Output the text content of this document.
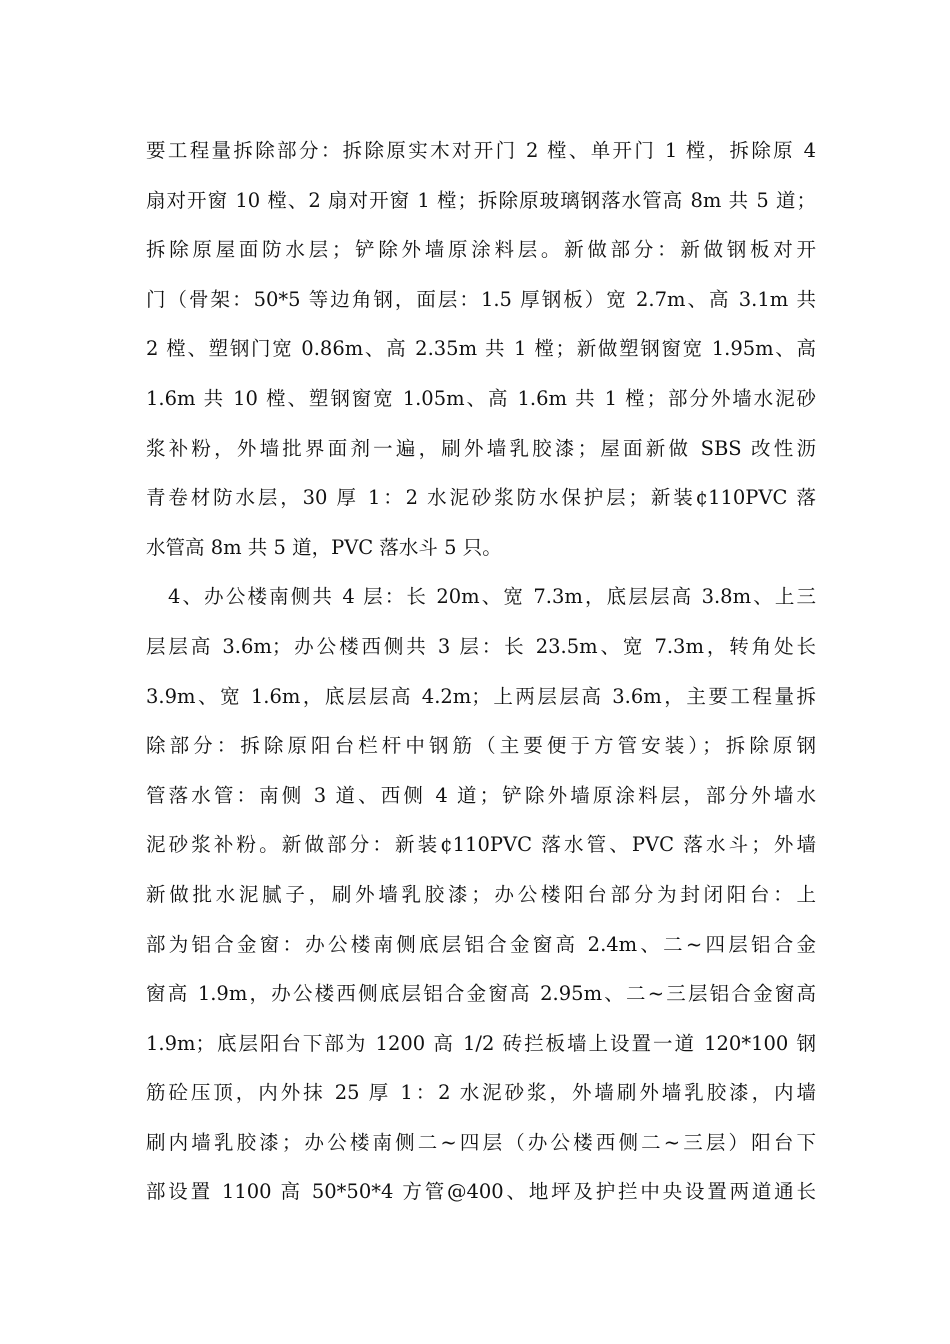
要工程量拆除部分：拆除原实木对开门 2 樘、单开门 1 樘，拆除原 4
扇对开窗 10 樘、2 扇对开窗 1 樘；拆除原玻璃钢落水管高 8m 共 5 道；
拆除原屋面防水层；铲除外墙原涂料层。新做部分：新做钢板对开
门（骨架：50*5 等边角钢，面层：1.5 厚钢板）宽 2.7m、高 3.1m 共
2 樘、塑钢门宽 0.86m、高 2.35m 共 1 樘；新做塑钢窗宽 1.95m、高
1.6m 共 10 樘、塑钢窗宽 1.05m、高 1.6m 共 1 樘；部分外墙水泥砂
浆补粉，外墙批界面剂一遍，刷外墙乳胶漆；屋面新做 SBS 改性沥
青卷材防水层，30 厚 1：2 水泥砂浆防水保护层；新装¢110PVC 落
水管高 8m 共 5 道，PVC 落水斗 5 只。
4、办公楼南侧共 4 层：长 20m、宽 7.3m，底层层高 3.8m、上三
层层高 3.6m；办公楼西侧共 3 层：长 23.5m、宽 7.3m，转角处长
3.9m、宽 1.6m，底层层高 4.2m；上两层层高 3.6m，主要工程量拆
除部分：拆除原阳台栏杆中钢筋（主要便于方管安装）；拆除原钢
管落水管：南侧 3 道、西侧 4 道；铲除外墙原涂料层，部分外墙水
泥砂浆补粉。新做部分：新装¢110PVC 落水管、PVC 落水斗；外墙
新做批水泥腻子，刷外墙乳胶漆；办公楼阳台部分为封闭阳台：上
部为铝合金窗：办公楼南侧底层铝合金窗高 2.4m、二~四层铝合金
窗高 1.9m，办公楼西侧底层铝合金窗高 2.95m、二~三层铝合金窗高
1.9m；底层阳台下部为 1200 高 1/2 砖拦板墙上设置一道 120*100 钢
筋砼压顶，内外抹 25 厚 1：2 水泥砂浆，外墙刷外墙乳胶漆，内墙
刷内墙乳胶漆；办公楼南侧二~四层（办公楼西侧二~三层）阳台下
部设置 1100 高 50*50*4 方管@400、地坪及护拦中央设置两道通长
